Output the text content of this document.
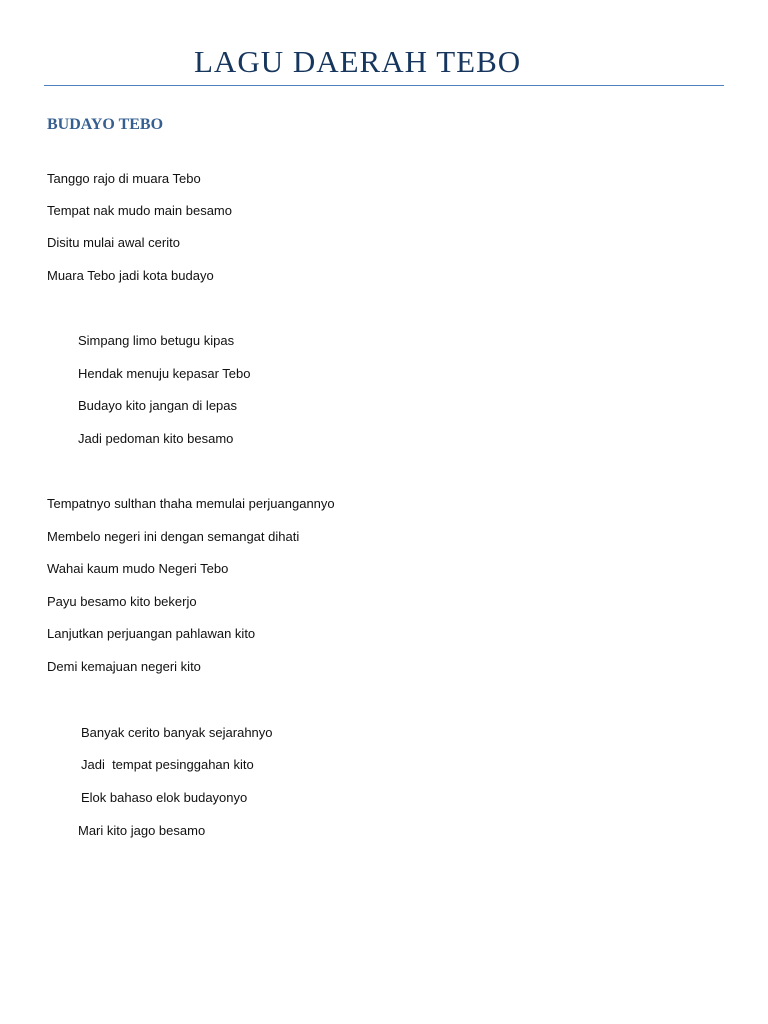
LAGU DAERAH TEBO
BUDAYO TEBO
Tanggo rajo di muara Tebo
Tempat nak mudo main besamo
Disitu mulai awal cerito
Muara Tebo jadi kota budayo
Simpang limo betugu kipas
Hendak menuju kepasar Tebo
Budayo kito jangan di lepas
Jadi pedoman kito besamo
Tempatnyo sulthan thaha memulai perjuangannyo
Membelo negeri ini dengan semangat dihati
Wahai kaum mudo Negeri Tebo
Payu besamo kito bekerjo
Lanjutkan perjuangan pahlawan kito
Demi kemajuan negeri kito
Banyak cerito banyak sejarahnyo
Jadi  tempat pesinggahan kito
Elok bahaso elok budayonyo
Mari kito jago besamo
